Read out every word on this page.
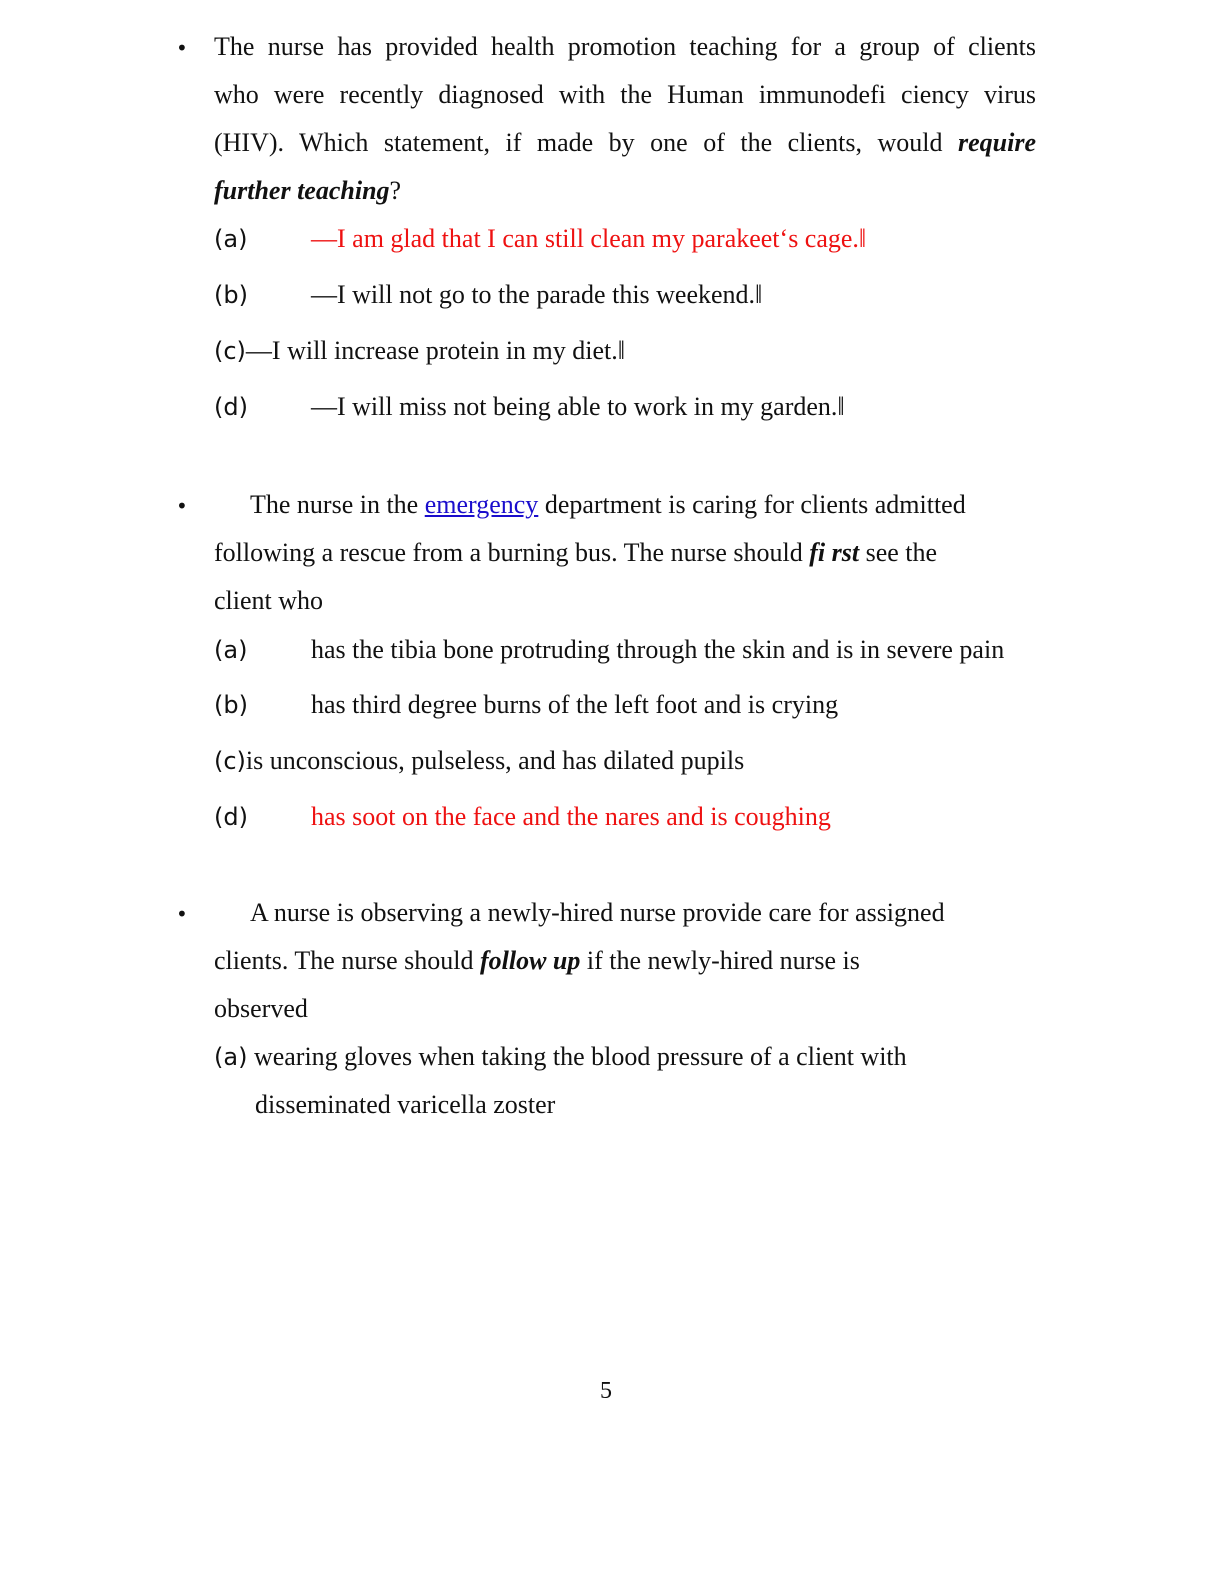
• The nurse has provided health promotion teaching for a group of clients
who were recently diagnosed with the Human immunodefi ciency virus
(HIV). Which statement, if made by one of the clients, would require
further teaching?
(a) —I am glad that I can still clean my parakeet‘s cage.‖
(b) —I will not go to the parade this weekend.‖
(c)—I will increase protein in my diet.‖
(d) —I will miss not being able to work in my garden.‖
• The nurse in the emergency department is caring for clients admitted
following a rescue from a burning bus. The nurse should fi rst see the
client who
(a) has the tibia bone protruding through the skin and is in severe pain
(b) has third degree burns of the left foot and is crying
(c)is unconscious, pulseless, and has dilated pupils
(d) has soot on the face and the nares and is coughing
• A nurse is observing a newly-hired nurse provide care for assigned
clients. The nurse should follow up if the newly-hired nurse is
observed
(a) wearing gloves when taking the blood pressure of a client with
disseminated varicella zoster
5
